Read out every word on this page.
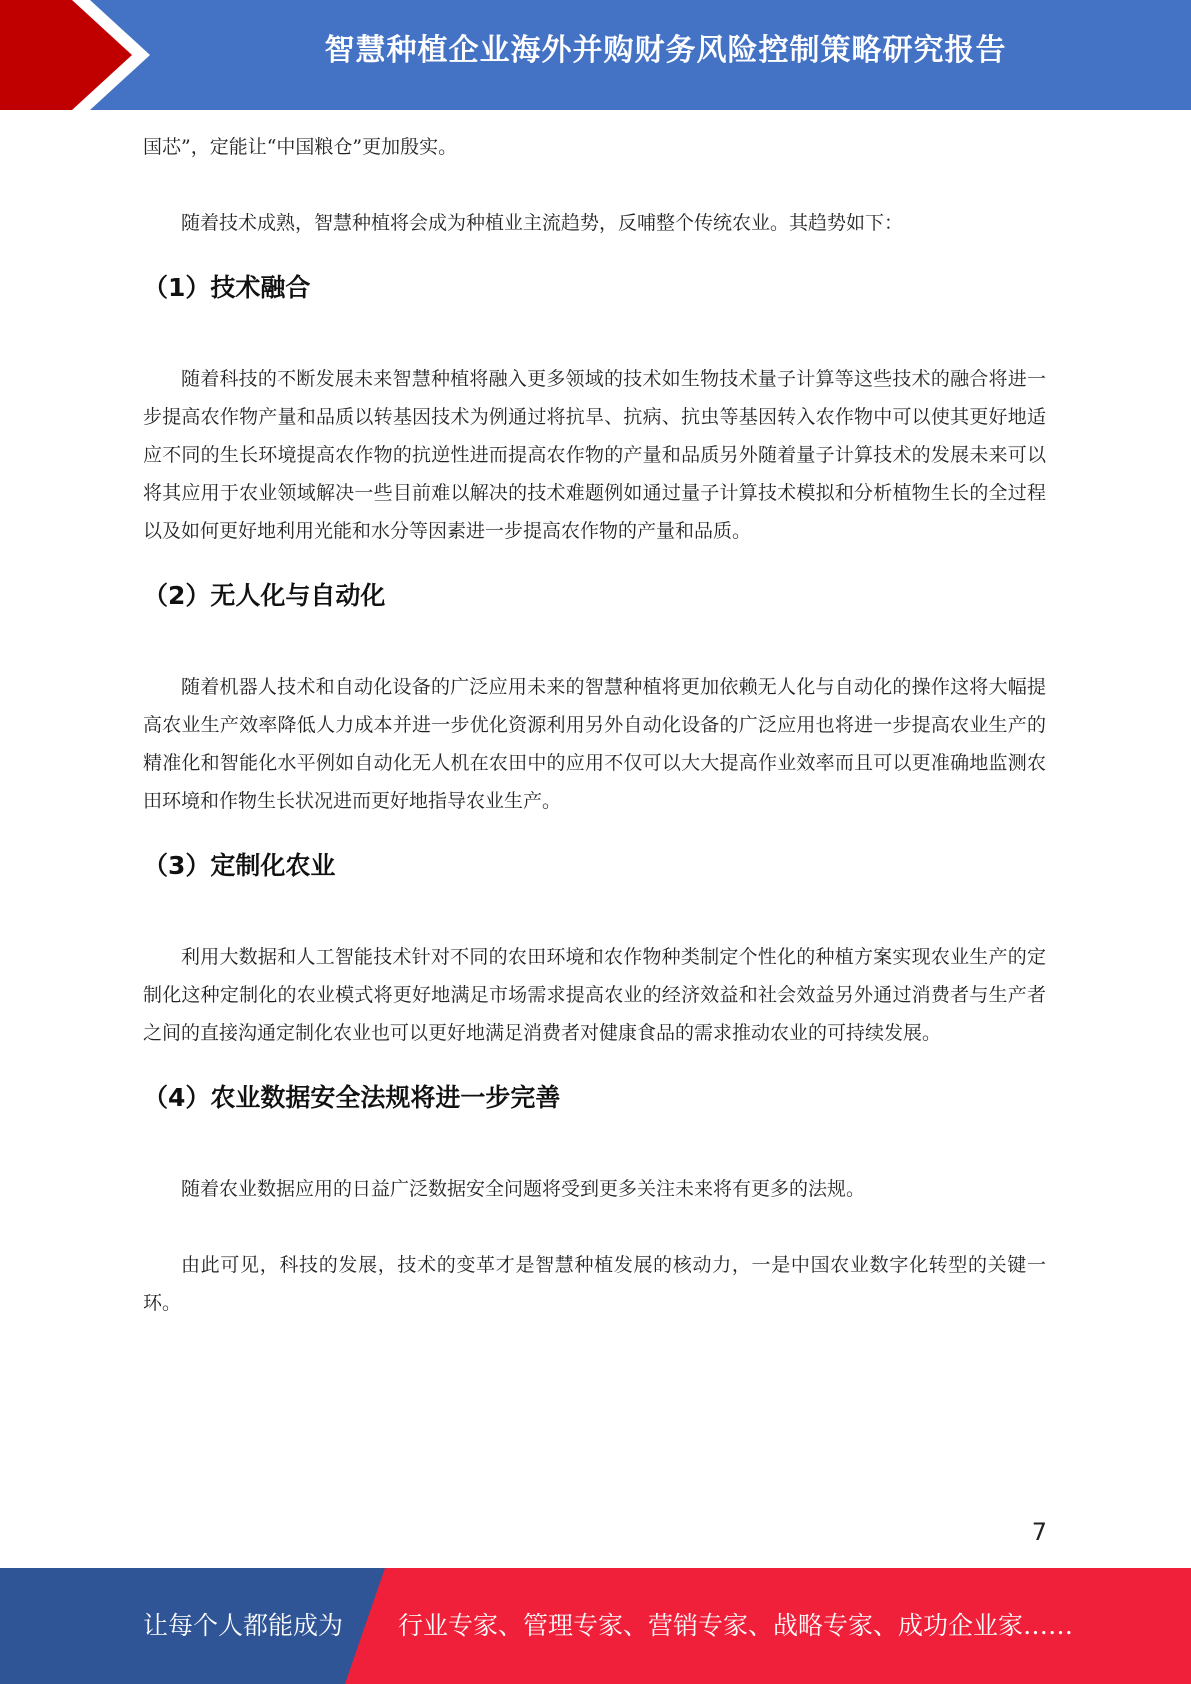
智慧种植企业海外并购财务风险控制策略研究报告

国芯”，定能让“中国粮仓”更加殷实。

随着技术成熟，智慧种植将会成为种植业主流趋势，反哺整个传统农业。其趋势如下：

（1）技术融合

随着科技的不断发展未来智慧种植将融入更多领域的技术如生物技术量子计算等这些技术的融合将进一步提高农作物产量和品质以转基因技术为例通过将抗旱、抗病、抗虫等基因转入农作物中可以使其更好地适应不同的生长环境提高农作物的抗逆性进而提高农作物的产量和品质另外随着量子计算技术的发展未来可以将其应用于农业领域解决一些目前难以解决的技术难题例如通过量子计算技术模拟和分析植物生长的全过程以及如何更好地利用光能和水分等因素进一步提高农作物的产量和品质。

（2）无人化与自动化

随着机器人技术和自动化设备的广泛应用未来的智慧种植将更加依赖无人化与自动化的操作这将大幅提高农业生产效率降低人力成本并进一步优化资源利用另外自动化设备的广泛应用也将进一步提高农业生产的精准化和智能化水平例如自动化无人机在农田中的应用不仅可以大大提高作业效率而且可以更准确地监测农田环境和作物生长状况进而更好地指导农业生产。

（3）定制化农业

利用大数据和人工智能技术针对不同的农田环境和农作物种类制定个性化的种植方案实现农业生产的定制化这种定制化的农业模式将更好地满足市场需求提高农业的经济效益和社会效益另外通过消费者与生产者之间的直接沟通定制化农业也可以更好地满足消费者对健康食品的需求推动农业的可持续发展。

（4）农业数据安全法规将进一步完善

随着农业数据应用的日益广泛数据安全问题将受到更多关注未来将有更多的法规。

由此可见，科技的发展，技术的变革才是智慧种植发展的核动力，一是中国农业数字化转型的关键一环。

7
让每个人都能成为 行业专家、管理专家、营销专家、战略专家、成功企业家……
